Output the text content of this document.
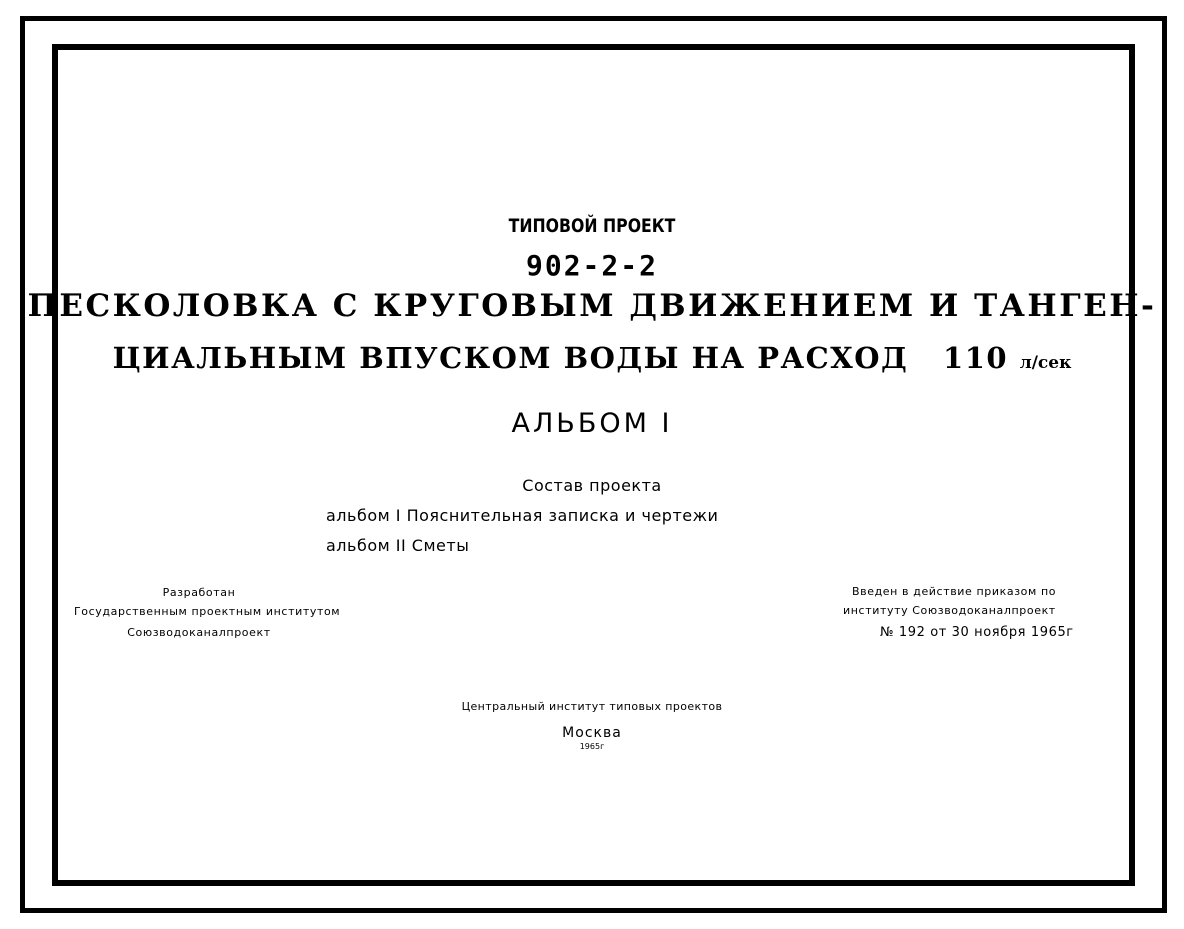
ТИПОВОЙ ПРОЕКТ
902-2-2
ПЕСКОЛОВКА С КРУГОВЫМ ДВИЖЕНИЕМ И ТАНГЕН-
ЦИАЛЬНЫМ ВПУСКОМ ВОДЫ НА РАСХОД 110 л/сек
АЛЬБОМ I
Состав проекта
альбом I Пояснительная записка и чертежи
альбом II Сметы
Разработан
Государственным проектным институтом
Союзводоканалпроект
Введен в действие приказом по
институту Союзводоканалпроект
№ 192 от 30 ноября 1965г
Центральный институт типовых проектов
Москва
1965г
